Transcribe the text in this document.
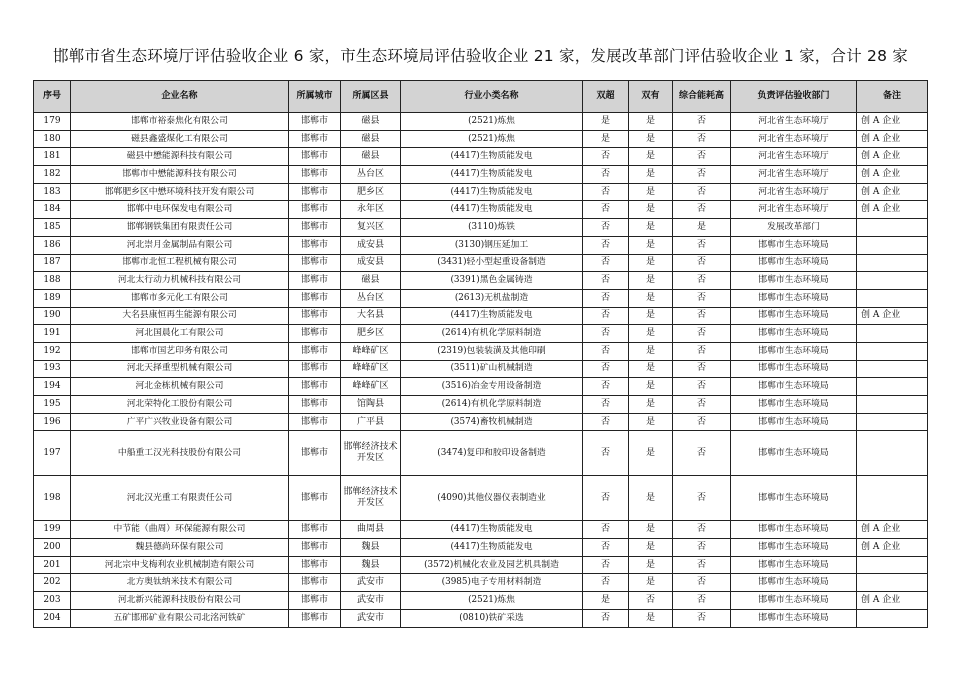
邯郸市省生态环境厅评估验收企业 6 家，市生态环境局评估验收企业 21 家，发展改革部门评估验收企业 1 家，合计 28 家
序号	企业名称	所属城市	所属区县	行业小类名称	双超	双有	综合能耗高	负责评估验收部门	备注
179	邯郸市裕泰焦化有限公司	邯郸市	磁县	(2521)炼焦	是	是	否	河北省生态环境厅	创 A 企业
180	磁县鑫盛煤化工有限公司	邯郸市	磁县	(2521)炼焦	是	是	否	河北省生态环境厅	创 A 企业
181	磁县中懋能源科技有限公司	邯郸市	磁县	(4417)生物质能发电	否	是	否	河北省生态环境厅	创 A 企业
182	邯郸市中懋能源科技有限公司	邯郸市	丛台区	(4417)生物质能发电	否	是	否	河北省生态环境厅	创 A 企业
183	邯郸肥乡区中懋环境科技开发有限公司	邯郸市	肥乡区	(4417)生物质能发电	否	是	否	河北省生态环境厅	创 A 企业
184	邯郸中电环保发电有限公司	邯郸市	永年区	(4417)生物质能发电	否	是	否	河北省生态环境厅	创 A 企业
185	邯郸钢铁集团有限责任公司	邯郸市	复兴区	(3110)炼铁	否	是	是	发展改革部门	
186	河北崇月金属制品有限公司	邯郸市	成安县	(3130)钢压延加工	否	是	否	邯郸市生态环境局	
187	邯郸市北恒工程机械有限公司	邯郸市	成安县	(3431)轻小型起重设备制造	否	是	否	邯郸市生态环境局	
188	河北太行动力机械科技有限公司	邯郸市	磁县	(3391)黑色金属铸造	否	是	否	邯郸市生态环境局	
189	邯郸市多元化工有限公司	邯郸市	丛台区	(2613)无机盐制造	否	是	否	邯郸市生态环境局	
190	大名县康恒再生能源有限公司	邯郸市	大名县	(4417)生物质能发电	否	是	否	邯郸市生态环境局	创 A 企业
191	河北国晨化工有限公司	邯郸市	肥乡区	(2614)有机化学原料制造	否	是	否	邯郸市生态环境局	
192	邯郸市国艺印务有限公司	邯郸市	峰峰矿区	(2319)包装装潢及其他印刷	否	是	否	邯郸市生态环境局	
193	河北天择重型机械有限公司	邯郸市	峰峰矿区	(3511)矿山机械制造	否	是	否	邯郸市生态环境局	
194	河北金栋机械有限公司	邯郸市	峰峰矿区	(3516)冶金专用设备制造	否	是	否	邯郸市生态环境局	
195	河北荣特化工股份有限公司	邯郸市	馆陶县	(2614)有机化学原料制造	否	是	否	邯郸市生态环境局	
196	广平广兴牧业设备有限公司	邯郸市	广平县	(3574)畜牧机械制造	否	是	否	邯郸市生态环境局	
197	中船重工汉光科技股份有限公司	邯郸市	邯郸经济技术开发区	(3474)复印和胶印设备制造	否	是	否	邯郸市生态环境局	
198	河北汉光重工有限责任公司	邯郸市	邯郸经济技术开发区	(4090)其他仪器仪表制造业	否	是	否	邯郸市生态环境局	
199	中节能（曲周）环保能源有限公司	邯郸市	曲周县	(4417)生物质能发电	否	是	否	邯郸市生态环境局	创 A 企业
200	魏县德尚环保有限公司	邯郸市	魏县	(4417)生物质能发电	否	是	否	邯郸市生态环境局	创 A 企业
201	河北宗申戈梅利农业机械制造有限公司	邯郸市	魏县	(3572)机械化农业及园艺机具制造	否	是	否	邯郸市生态环境局	
202	北方奥钛纳米技术有限公司	邯郸市	武安市	(3985)电子专用材料制造	否	是	否	邯郸市生态环境局	
203	河北新兴能源科技股份有限公司	邯郸市	武安市	(2521)炼焦	是	否	否	邯郸市生态环境局	创 A 企业
204	五矿邯邢矿业有限公司北洺河铁矿	邯郸市	武安市	(0810)铁矿采选	否	是	否	邯郸市生态环境局	
